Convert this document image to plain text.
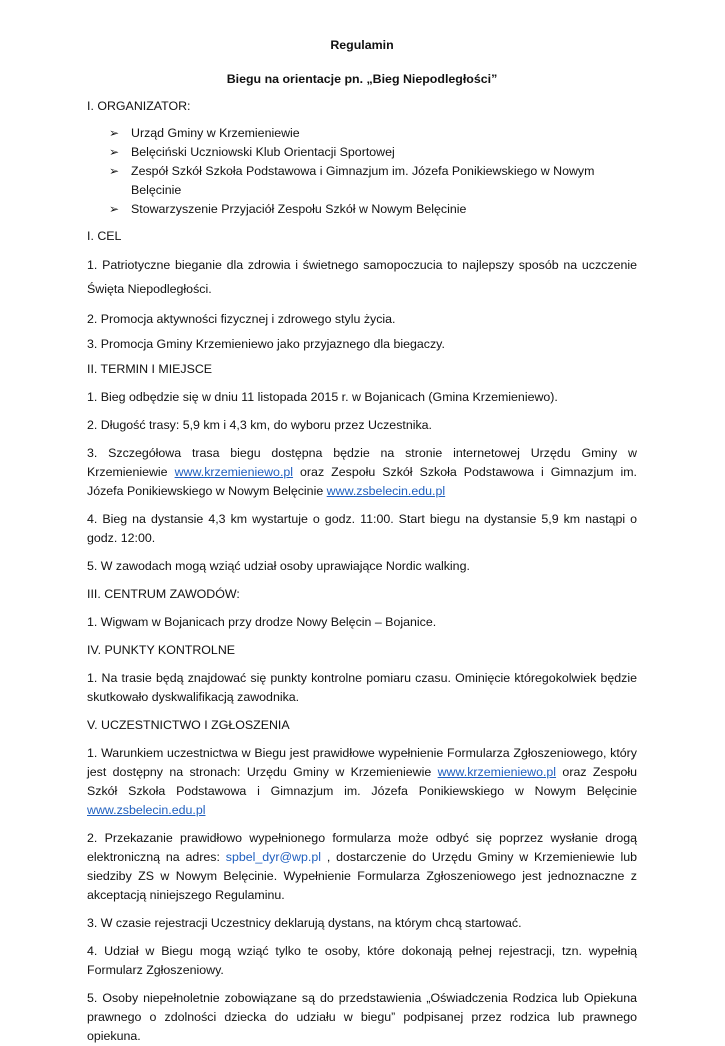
Regulamin

Biegu na orientacje pn. „Bieg Niepodległości”

I. ORGANIZATOR:

➢ Urząd Gminy w Krzemieniewie
➢ Belęciński Uczniowski Klub Orientacji Sportowej
➢ Zespół Szkół Szkoła Podstawowa i Gimnazjum im. Józefa Ponikiewskiego w Nowym Belęcinie
➢ Stowarzyszenie Przyjaciół Zespołu Szkół w Nowym Belęcinie

I. CEL

1. Patriotyczne bieganie dla zdrowia i świetnego samopoczucia to najlepszy sposób na uczczenie Święta Niepodległości.

2. Promocja aktywności fizycznej i zdrowego stylu życia.

3. Promocja Gminy Krzemieniewo jako przyjaznego dla biegaczy.

II. TERMIN I MIEJSCE

1. Bieg odbędzie się w dniu 11 listopada 2015 r. w Bojanicach (Gmina Krzemieniewo).

2. Długość trasy: 5,9 km i 4,3 km, do wyboru przez Uczestnika.

3. Szczegółowa trasa biegu dostępna będzie na stronie internetowej Urzędu Gminy w Krzemieniewie www.krzemieniewo.pl oraz Zespołu Szkół Szkoła Podstawowa i Gimnazjum im. Józefa Ponikiewskiego w Nowym Belęcinie www.zsbelecin.edu.pl

4. Bieg na dystansie 4,3 km wystartuje o godz. 11:00. Start biegu na dystansie 5,9 km nastąpi o godz. 12:00.

5. W zawodach mogą wziąć udział osoby uprawiające Nordic walking.

III. CENTRUM ZAWODÓW:

1. Wigwam w Bojanicach przy drodze Nowy Belęcin – Bojanice.

IV. PUNKTY KONTROLNE

1. Na trasie będą znajdować się punkty kontrolne pomiaru czasu. Ominięcie któregokolwiek będzie skutkowało dyskwalifikacją zawodnika.

V. UCZESTNICTWO I ZGŁOSZENIA

1. Warunkiem uczestnictwa w Biegu jest prawidłowe wypełnienie Formularza Zgłoszeniowego, który jest dostępny na stronach: Urzędu Gminy w Krzemieniewie www.krzemieniewo.pl oraz Zespołu Szkół Szkoła Podstawowa i Gimnazjum im. Józefa Ponikiewskiego w Nowym Belęcinie www.zsbelecin.edu.pl

2. Przekazanie prawidłowo wypełnionego formularza może odbyć się poprzez wysłanie drogą elektroniczną na adres: spbel_dyr@wp.pl , dostarczenie do Urzędu Gminy w Krzemieniewie lub siedziby ZS w Nowym Belęcinie. Wypełnienie Formularza Zgłoszeniowego jest jednoznaczne z akceptacją niniejszego Regulaminu.

3. W czasie rejestracji Uczestnicy deklarują dystans, na którym chcą startować.

4. Udział w Biegu mogą wziąć tylko te osoby, które dokonają pełnej rejestracji, tzn. wypełnią Formularz Zgłoszeniowy.

5. Osoby niepełnoletnie zobowiązane są do przedstawienia „Oświadczenia Rodzica lub Opiekuna prawnego o zdolności dziecka do udziału w biegu” podpisanej przez rodzica lub prawnego opiekuna.
